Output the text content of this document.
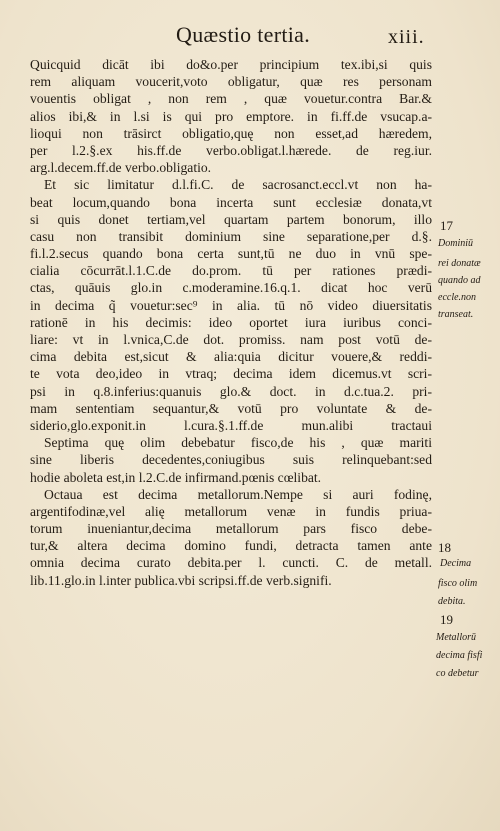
Quæstio tertia.	xiii.
Quicquid dicāt ibi do&o.per principium tex.ibi,si quis
rem aliquam voucerit,voto obligatur, quæ res personam
vouentis obligat , non rem , quæ vouetur.contra Bar.&
alios ibi,& in l.si is qui pro emptore. in fi.ff.de vsucap.a-
lioqui non trāsirct obligatio,quę non esset,ad hæredem,
per l.2.§.ex his.ff.de verbo.obligat.l.hærede. de reg.iur.
arg.l.decem.ff.de verbo.obligatio.
Et sic limitatur d.l.fi.C. de sacrosanct.eccl.vt non ha-
beat locum,quando bona incerta sunt ecclesiæ donata,vt
si quis donet tertiam,vel quartam partem bonorum, illo
casu non transibit dominium sine separatione,per d.§.
fi.l.2.secus quando bona certa sunt,tū ne duo in vnū spe-
cialia cōcurrāt.l.1.C.de do.prom. tū per rationes prædi-
ctas, quāuis glo.in c.moderamine.16.q.1. dicat hoc verū
in decima q̃ vouetur:sec⁹ in alia. tū nō video diuersitatis
rationē in his decimis: ideo oportet iura iuribus conci-
liare: vt in l.vnica,C.de dot. promiss. nam post votū de-
cima debita est,sicut & alia:quia dicitur vouere,& reddi-
te vota deo,ideo in vtraq; decima idem dicemus.vt scri-
psi in q.8.inferius:quanuis glo.& doct. in d.c.tua.2. pri-
mam sententiam sequantur,& votū pro voluntate & de-
siderio,glo.exponit.in l.cura.§.1.ff.de mun.alibi tractaui
Septima quę olim debebatur fisco,de his , quæ mariti
sine liberis decedentes,coniugibus suis relinquebant:sed
hodie aboleta est,in l.2.C.de infirmand.pœnis cœlibat.
Octaua est decima metallorum.Nempe si auri fodinę,
argentifodinæ,vel alię metallorum venæ in fundis priua-
torum inueniantur,decima metallorum pars fisco debe-
tur,& altera decima domino fundi, detracta tamen ante
omnia decima curato debita.per l. cuncti. C. de metall.
lib.11.glo.in l.inter publica.vbi scripsi.ff.de verb.signifi.
17
18
19
Dominiū
rei donatæ
quando ad
eccle.non
transeat.
Decima
fisco olim
debita.
Metallorū
decima fisfi
co debetur
